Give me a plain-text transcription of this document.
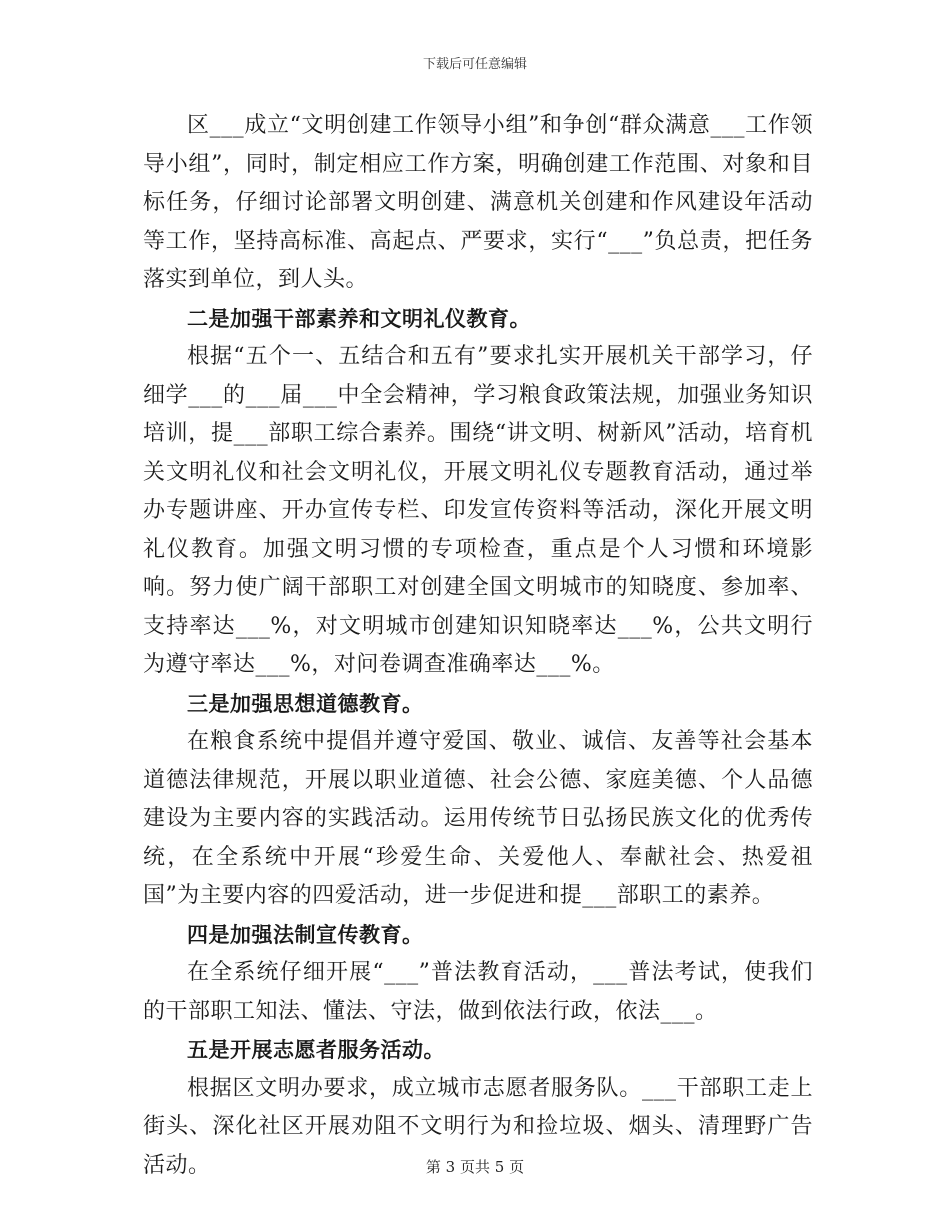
下载后可任意编辑

区___成立“文明创建工作领导小组”和争创“群众满意___工作领导小组”，同时，制定相应工作方案，明确创建工作范围、对象和目标任务，仔细讨论部署文明创建、满意机关创建和作风建设年活动等工作，坚持高标准、高起点、严要求，实行“___”负总责，把任务落实到单位，到人头。

二是加强干部素养和文明礼仪教育。

根据“五个一、五结合和五有”要求扎实开展机关干部学习，仔细学___的___届___中全会精神，学习粮食政策法规，加强业务知识培训，提___部职工综合素养。围绕“讲文明、树新风”活动，培育机关文明礼仪和社会文明礼仪，开展文明礼仪专题教育活动，通过举办专题讲座、开办宣传专栏、印发宣传资料等活动，深化开展文明礼仪教育。加强文明习惯的专项检查，重点是个人习惯和环境影响。努力使广阔干部职工对创建全国文明城市的知晓度、参加率、支持率达___%，对文明城市创建知识知晓率达___%，公共文明行为遵守率达___%，对问卷调查准确率达___%。

三是加强思想道德教育。

在粮食系统中提倡并遵守爱国、敬业、诚信、友善等社会基本道德法律规范，开展以职业道德、社会公德、家庭美德、个人品德建设为主要内容的实践活动。运用传统节日弘扬民族文化的优秀传统，在全系统中开展“珍爱生命、关爱他人、奉献社会、热爱祖国”为主要内容的四爱活动，进一步促进和提___部职工的素养。

四是加强法制宣传教育。

在全系统仔细开展“___”普法教育活动，___普法考试，使我们的干部职工知法、懂法、守法，做到依法行政，依法___。

五是开展志愿者服务活动。

根据区文明办要求，成立城市志愿者服务队。___干部职工走上街头、深化社区开展劝阻不文明行为和捡垃圾、烟头、清理野广告活动。	第 3 页共 5 页
